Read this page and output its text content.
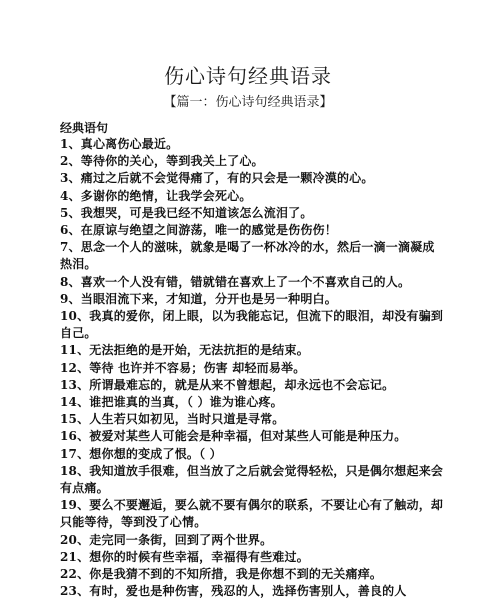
伤心诗句经典语录
【篇一：伤心诗句经典语录】
经典语句
1、真心离伤心最近。
2、等待你的关心，等到我关上了心。
3、痛过之后就不会觉得痛了，有的只会是一颗冷漠的心。
4、多谢你的绝情，让我学会死心。
5、我想哭，可是我已经不知道该怎么流泪了。
6、在原谅与绝望之间游荡，唯一的感觉是伤伤伤！
7、思念一个人的滋味，就象是喝了一杯冰冷的水，然后一滴一滴凝成热泪。
8、喜欢一个人没有错，错就错在喜欢上了一个不喜欢自己的人。
9、当眼泪流下来，才知道，分开也是另一种明白。
10、我真的爱你，闭上眼，以为我能忘记，但流下的眼泪，却没有骗到自己。
11、无法拒绝的是开始，无法抗拒的是结束。
12、等待 也许并不容易；伤害 却轻而易举。
13、所谓最难忘的，就是从来不曾想起，却永远也不会忘记。
14、谁把谁真的当真，（ ）谁为谁心疼。
15、人生若只如初见，当时只道是寻常。
16、被爱对某些人可能会是种幸福，但对某些人可能是种压力。
17、想你想的变成了恨。（ ）
18、我知道放手很难，但当放了之后就会觉得轻松，只是偶尔想起来会有点痛。
19、要么不要邂逅，要么就不要有偶尔的联系，不要让心有了触动，却只能等待，等到没了心情。
20、走完同一条街，回到了两个世界。
21、想你的时候有些幸福，幸福得有些难过。
22、你是我猜不到的不知所措，我是你想不到的无关痛痒。
23、有时，爱也是种伤害，残忍的人，选择伤害别人，善良的人
